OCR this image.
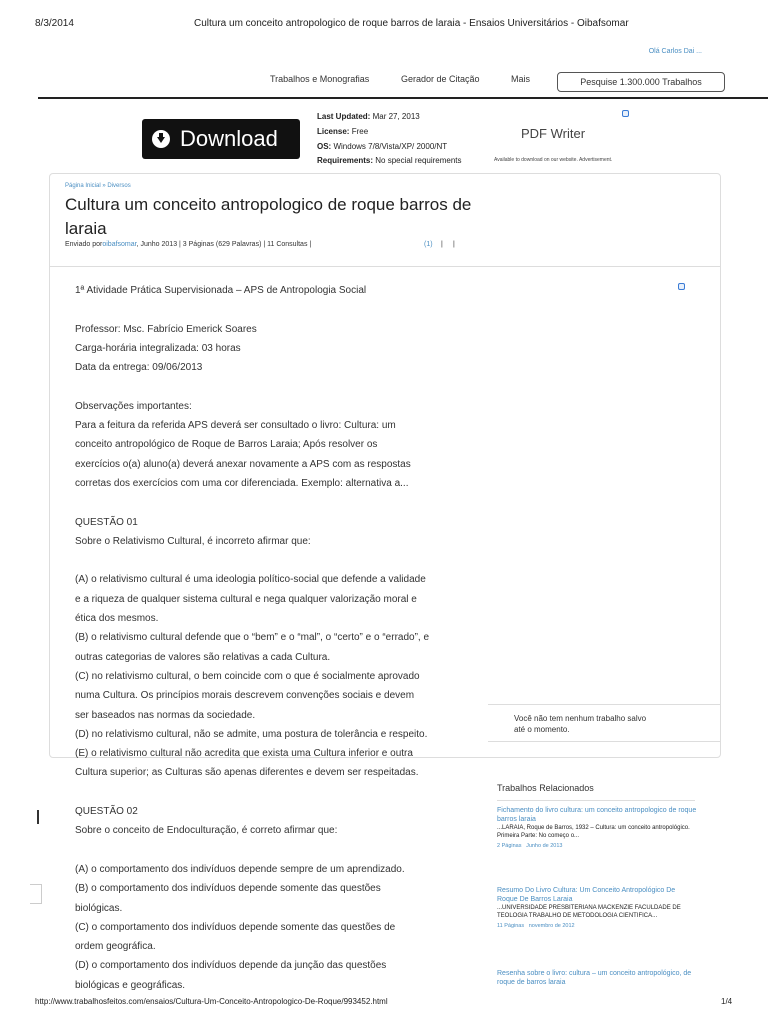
8/3/2014	Cultura um conceito antropologico de roque barros de laraia - Ensaios Universitários - Oibafsomar
Olá Carlos Dai ...
Trabalhos e Monografias	Gerador de Citação	Mais	Pesquise 1.300.000 Trabalhos
Download
Last Updated: Mar 27, 2013
License: Free
OS: Windows 7/8/Vista/XP/ 2000/NT
Requirements: No special requirements
PDF Writer
Available to download on our website. Advertisement.
Página Inicial » Diversos
Cultura um conceito antropologico de roque barros de laraia
Enviado poroibafsomar, Junho 2013 | 3 Páginas (629 Palavras) | 11 Consultas |	(1) | |
1ª Atividade Prática Supervisionada – APS de Antropologia Social
Professor: Msc. Fabrício Emerick Soares
Carga-horária integralizada: 03 horas
Data da entrega: 09/06/2013
Observações importantes:
Para a feitura da referida APS deverá ser consultado o livro: Cultura: um
conceito antropológico de Roque de Barros Laraia; Após resolver os
exercícios o(a) aluno(a) deverá anexar novamente a APS com as respostas
corretas dos exercícios com uma cor diferenciada. Exemplo: alternativa a...
QUESTÃO 01
Sobre o Relativismo Cultural, é incorreto afirmar que:
(A) o relativismo cultural é uma ideologia político-social que defende a validade
e a riqueza de qualquer sistema cultural e nega qualquer valorização moral e
ética dos mesmos.
(B) o relativismo cultural defende que o “bem” e o “mal”, o “certo” e o “errado”, e
outras categorias de valores são relativas a cada Cultura.
(C) no relativismo cultural, o bem coincide com o que é socialmente aprovado
numa Cultura. Os princípios morais descrevem convenções sociais e devem
ser baseados nas normas da sociedade.
(D) no relativismo cultural, não se admite, uma postura de tolerância e respeito.
(E) o relativismo cultural não acredita que exista uma Cultura inferior e outra
Cultura superior; as Culturas são apenas diferentes e devem ser respeitadas.
QUESTÃO 02
Sobre o conceito de Endoculturação, é correto afirmar que:
(A) o comportamento dos indivíduos depende sempre de um aprendizado.
(B) o comportamento dos indivíduos depende somente das questões
biológicas.
(C) o comportamento dos indivíduos depende somente das questões de
ordem geográfica.
(D) o comportamento dos indivíduos depende da junção das questões
biológicas e geográficas.
Você não tem nenhum trabalho salvo
até o momento.
Trabalhos Relacionados
Fichamento do livro cultura: um conceito antropologico de roque barros laraia
...LARAIA, Roque de Barros, 1932 – Cultura: um conceito antropológico. Primeira Parte: No começo o...
2 Páginas Junho de 2013
Resumo Do Livro Cultura: Um Conceito Antropológico De Roque De Barros Laraia
...UNIVERSIDADE PRESBITERIANA MACKENZIE FACULDADE DE TEOLOGIA TRABALHO DE METODOLOGIA CIENTIFICA...
11 Páginas novembro de 2012
Resenha sobre o livro: cultura – um conceito antropológico, de roque de barros laraia
http://www.trabalhosfeitos.com/ensaios/Cultura-Um-Conceito-Antropologico-De-Roque/993452.html	1/4
